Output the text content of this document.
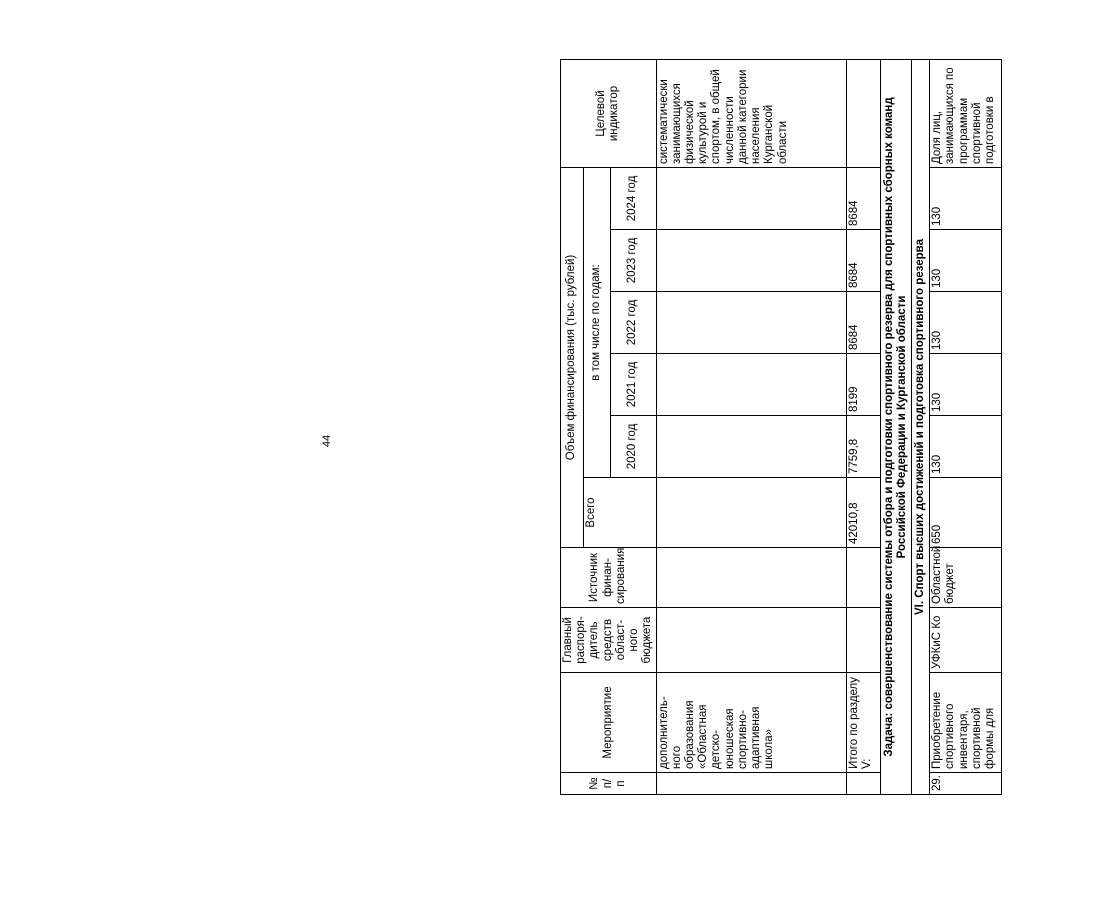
44
№ п/п	Мероприятие	Главный распоря-дитель средств област-ного бюджета	Источник финан-сирования	Объем финансирования (тыс. рублей)						Целевой индикатор
				Всего	в том числе по годам:					
					2020 год	2021 год	2022 год	2023 год	2024 год	
	дополнитель-ного образования «Областная детско-юношеская спортивно-адаптивная школа»									систематически занимающихся физической культурой и спортом, в общей численности данной категории населения Курганской области
	Итого по разделу V:			42010,8	7759,8	8199	8684	8684	8684	
Задача: совершенствование системы отбора и подготовки спортивного резерва для спортивных сборных команд Российской Федерации и Курганской области										
VI. Спорт высших достижений и подготовка спортивного резерва										
29.	Приобретение спортивного инвентаря, спортивной формы для	УФКиС Ко	Областной бюджет	650	130	130	130	130	130	Доля лиц, занимающихся по программам спортивной подготовки в
